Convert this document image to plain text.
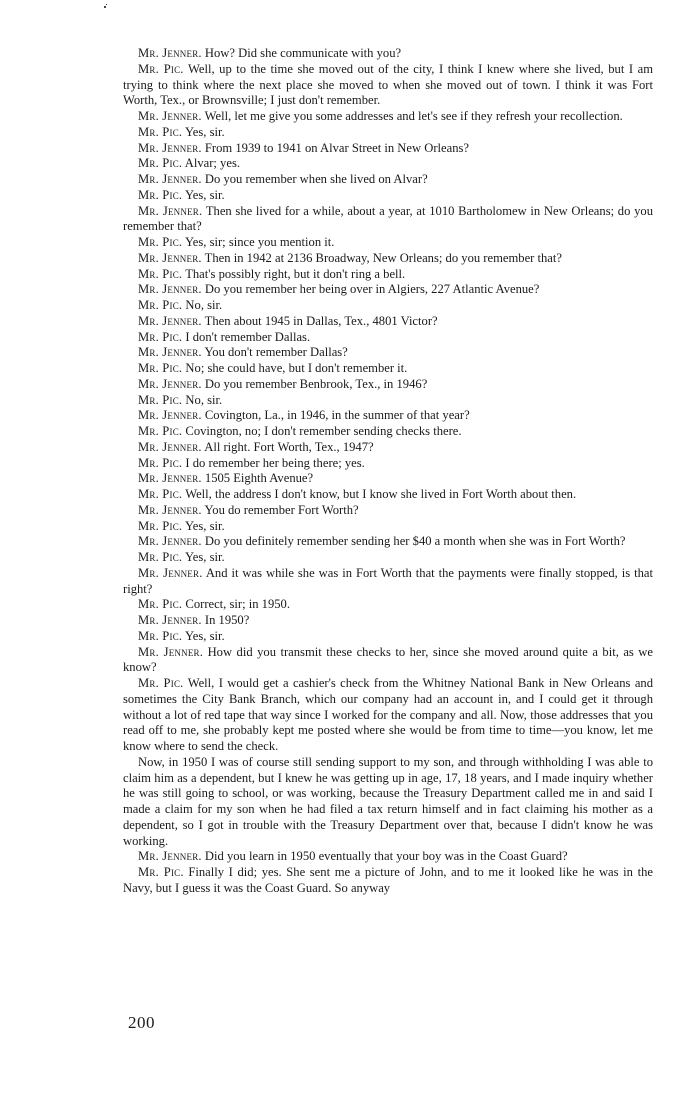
Mr. Jenner. How? Did she communicate with you?

Mr. Pic. Well, up to the time she moved out of the city, I think I knew where she lived, but I am trying to think where the next place she moved to when she moved out of town. I think it was Fort Worth, Tex., or Brownsville; I just don't remember.

Mr. Jenner. Well, let me give you some addresses and let's see if they refresh your recollection.

Mr. Pic. Yes, sir.

Mr. Jenner. From 1939 to 1941 on Alvar Street in New Orleans?

Mr. Pic. Alvar; yes.

Mr. Jenner. Do you remember when she lived on Alvar?

Mr. Pic. Yes, sir.

Mr. Jenner. Then she lived for a while, about a year, at 1010 Bartholomew in New Orleans; do you remember that?

Mr. Pic. Yes, sir; since you mention it.

Mr. Jenner. Then in 1942 at 2136 Broadway, New Orleans; do you remember that?

Mr. Pic. That's possibly right, but it don't ring a bell.

Mr. Jenner. Do you remember her being over in Algiers, 227 Atlantic Avenue?

Mr. Pic. No, sir.

Mr. Jenner. Then about 1945 in Dallas, Tex., 4801 Victor?

Mr. Pic. I don't remember Dallas.

Mr. Jenner. You don't remember Dallas?

Mr. Pic. No; she could have, but I don't remember it.

Mr. Jenner. Do you remember Benbrook, Tex., in 1946?

Mr. Pic. No, sir.

Mr. Jenner. Covington, La., in 1946, in the summer of that year?

Mr. Pic. Covington, no; I don't remember sending checks there.

Mr. Jenner. All right. Fort Worth, Tex., 1947?

Mr. Pic. I do remember her being there; yes.

Mr. Jenner. 1505 Eighth Avenue?

Mr. Pic. Well, the address I don't know, but I know she lived in Fort Worth about then.

Mr. Jenner. You do remember Fort Worth?

Mr. Pic. Yes, sir.

Mr. Jenner. Do you definitely remember sending her $40 a month when she was in Fort Worth?

Mr. Pic. Yes, sir.

Mr. Jenner. And it was while she was in Fort Worth that the payments were finally stopped, is that right?

Mr. Pic. Correct, sir; in 1950.

Mr. Jenner. In 1950?

Mr. Pic. Yes, sir.

Mr. Jenner. How did you transmit these checks to her, since she moved around quite a bit, as we know?

Mr. Pic. Well, I would get a cashier's check from the Whitney National Bank in New Orleans and sometimes the City Bank Branch, which our company had an account in, and I could get it through without a lot of red tape that way since I worked for the company and all. Now, those addresses that you read off to me, she probably kept me posted where she would be from time to time—you know, let me know where to send the check.

Now, in 1950 I was of course still sending support to my son, and through withholding I was able to claim him as a dependent, but I knew he was getting up in age, 17, 18 years, and I made inquiry whether he was still going to school, or was working, because the Treasury Department called me in and said I made a claim for my son when he had filed a tax return himself and in fact claiming his mother as a dependent, so I got in trouble with the Treasury Department over that, because I didn't know he was working.

Mr. Jenner. Did you learn in 1950 eventually that your boy was in the Coast Guard?

Mr. Pic. Finally I did; yes. She sent me a picture of John, and to me it looked like he was in the Navy, but I guess it was the Coast Guard. So anyway

200
